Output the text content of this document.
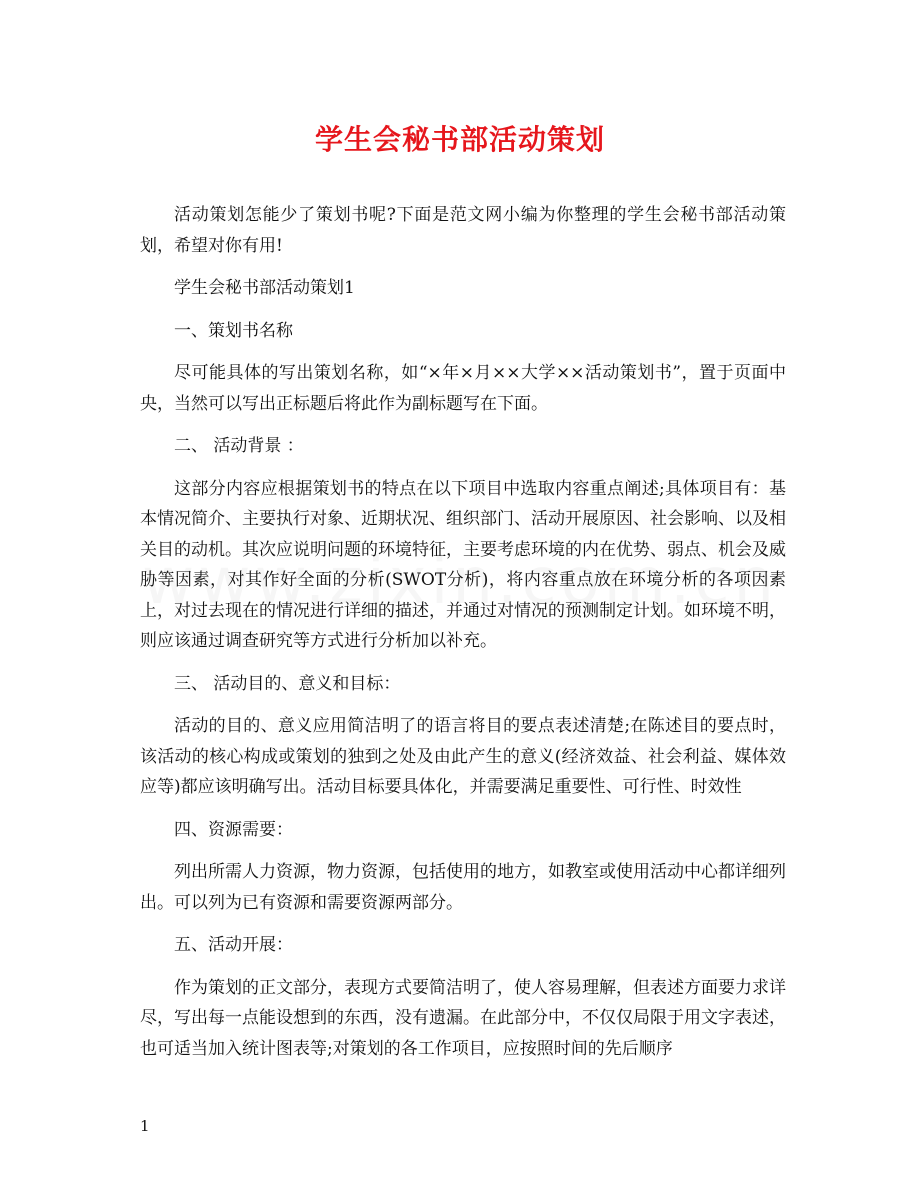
学生会秘书部活动策划

活动策划怎能少了策划书呢?下面是范文网小编为你整理的学生会秘书部活动策划，希望对你有用!

学生会秘书部活动策划1

一、策划书名称

尽可能具体的写出策划名称，如“×年×月××大学××活动策划书”，置于页面中央，当然可以写出正标题后将此作为副标题写在下面。

二、 活动背景 ：

这部分内容应根据策划书的特点在以下项目中选取内容重点阐述;具体项目有：基本情况简介、主要执行对象、近期状况、组织部门、活动开展原因、社会影响、以及相关目的动机。其次应说明问题的环境特征，主要考虑环境的内在优势、弱点、机会及威胁等因素，对其作好全面的分析(SWOT分析)，将内容重点放在环境分析的各项因素上，对过去现在的情况进行详细的描述，并通过对情况的预测制定计划。如环境不明，则应该通过调查研究等方式进行分析加以补充。

三、 活动目的、意义和目标：

活动的目的、意义应用简洁明了的语言将目的要点表述清楚;在陈述目的要点时，该活动的核心构成或策划的独到之处及由此产生的意义(经济效益、社会利益、媒体效应等)都应该明确写出。活动目标要具体化，并需要满足重要性、可行性、时效性

四、资源需要：

列出所需人力资源，物力资源，包括使用的地方，如教室或使用活动中心都详细列出。可以列为已有资源和需要资源两部分。

五、活动开展：

作为策划的正文部分，表现方式要简洁明了，使人容易理解，但表述方面要力求详尽，写出每一点能设想到的东西，没有遗漏。在此部分中，不仅仅局限于用文字表述，也可适当加入统计图表等;对策划的各工作项目，应按照时间的先后顺序

1
